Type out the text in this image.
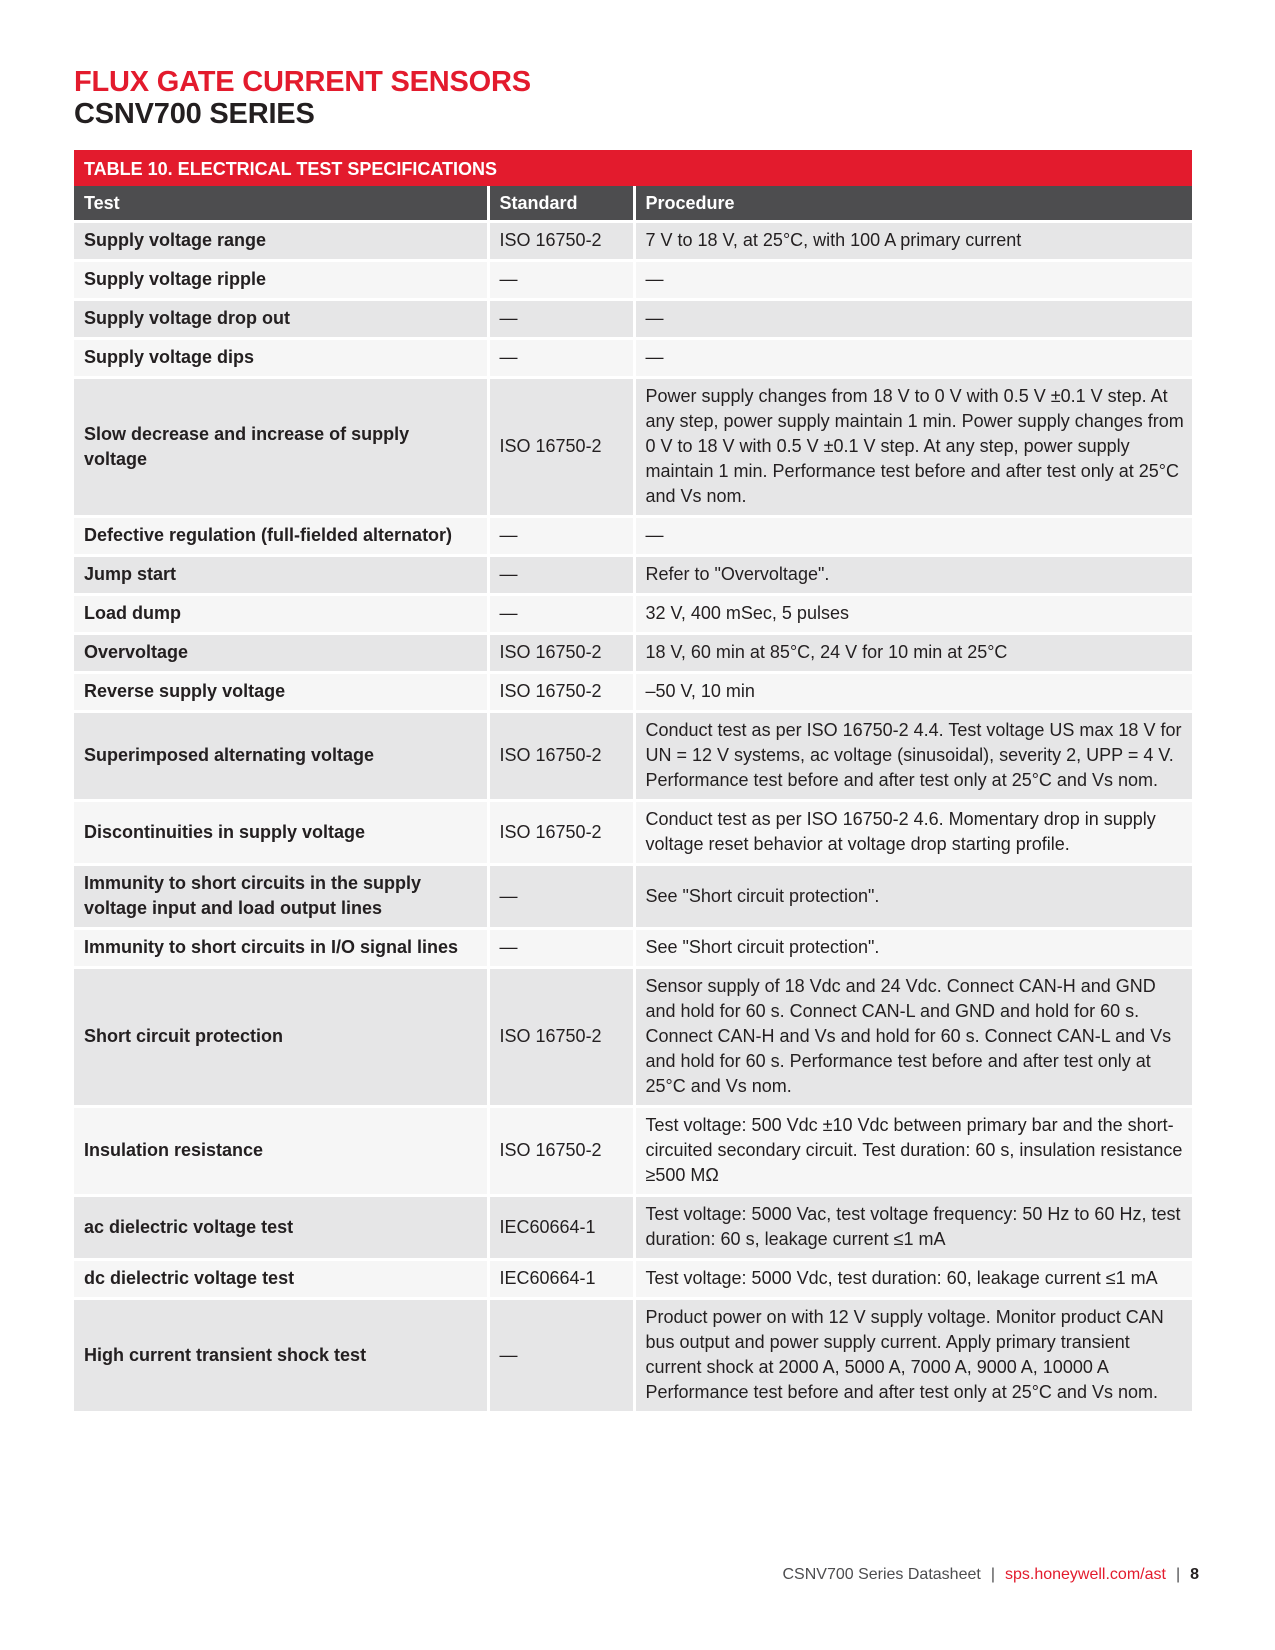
FLUX GATE CURRENT SENSORS
CSNV700 SERIES
TABLE 10. ELECTRICAL TEST SPECIFICATIONS
Test	Standard	Procedure
Supply voltage range	ISO 16750-2	7 V to 18 V, at 25°C, with 100 A primary current
Supply voltage ripple	—	—
Supply voltage drop out	—	—
Supply voltage dips	—	—
Slow decrease and increase of supply voltage	ISO 16750-2	Power supply changes from 18 V to 0 V with 0.5 V ±0.1 V step. At any step, power supply maintain 1 min. Power supply changes from 0 V to 18 V with 0.5 V ±0.1 V step. At any step, power supply maintain 1 min. Performance test before and after test only at 25°C and Vs nom.
Defective regulation (full-fielded alternator)	—	—
Jump start	—	Refer to "Overvoltage".
Load dump	—	32 V, 400 mSec, 5 pulses
Overvoltage	ISO 16750-2	18 V, 60 min at 85°C, 24 V for 10 min at 25°C
Reverse supply voltage	ISO 16750-2	–50 V, 10 min
Superimposed alternating voltage	ISO 16750-2	Conduct test as per ISO 16750-2 4.4. Test voltage US max 18 V for UN = 12 V systems, ac voltage (sinusoidal), severity 2, UPP = 4 V. Performance test before and after test only at 25°C and Vs nom.
Discontinuities in supply voltage	ISO 16750-2	Conduct test as per ISO 16750-2 4.6. Momentary drop in supply voltage reset behavior at voltage drop starting profile.
Immunity to short circuits in the supply voltage input and load output lines	—	See "Short circuit protection".
Immunity to short circuits in I/O signal lines	—	See "Short circuit protection".
Short circuit protection	ISO 16750-2	Sensor supply of 18 Vdc and 24 Vdc. Connect CAN-H and GND and hold for 60 s. Connect CAN-L and GND and hold for 60 s. Connect CAN-H and Vs and hold for 60 s. Connect CAN-L and Vs and hold for 60 s. Performance test before and after test only at 25°C and Vs nom.
Insulation resistance	ISO 16750-2	Test voltage: 500 Vdc ±10 Vdc between primary bar and the short-circuited secondary circuit. Test duration: 60 s, insulation resistance ≥500 MΩ
ac dielectric voltage test	IEC60664-1	Test voltage: 5000 Vac, test voltage frequency: 50 Hz to 60 Hz, test duration: 60 s, leakage current ≤1 mA
dc dielectric voltage test	IEC60664-1	Test voltage: 5000 Vdc, test duration: 60, leakage current ≤1 mA
High current transient shock test	—	Product power on with 12 V supply voltage. Monitor product CAN bus output and power supply current. Apply primary transient current shock at 2000 A, 5000 A, 7000 A, 9000 A, 10000 A Performance test before and after test only at 25°C and Vs nom.
CSNV700 Series Datasheet | sps.honeywell.com/ast | 8
